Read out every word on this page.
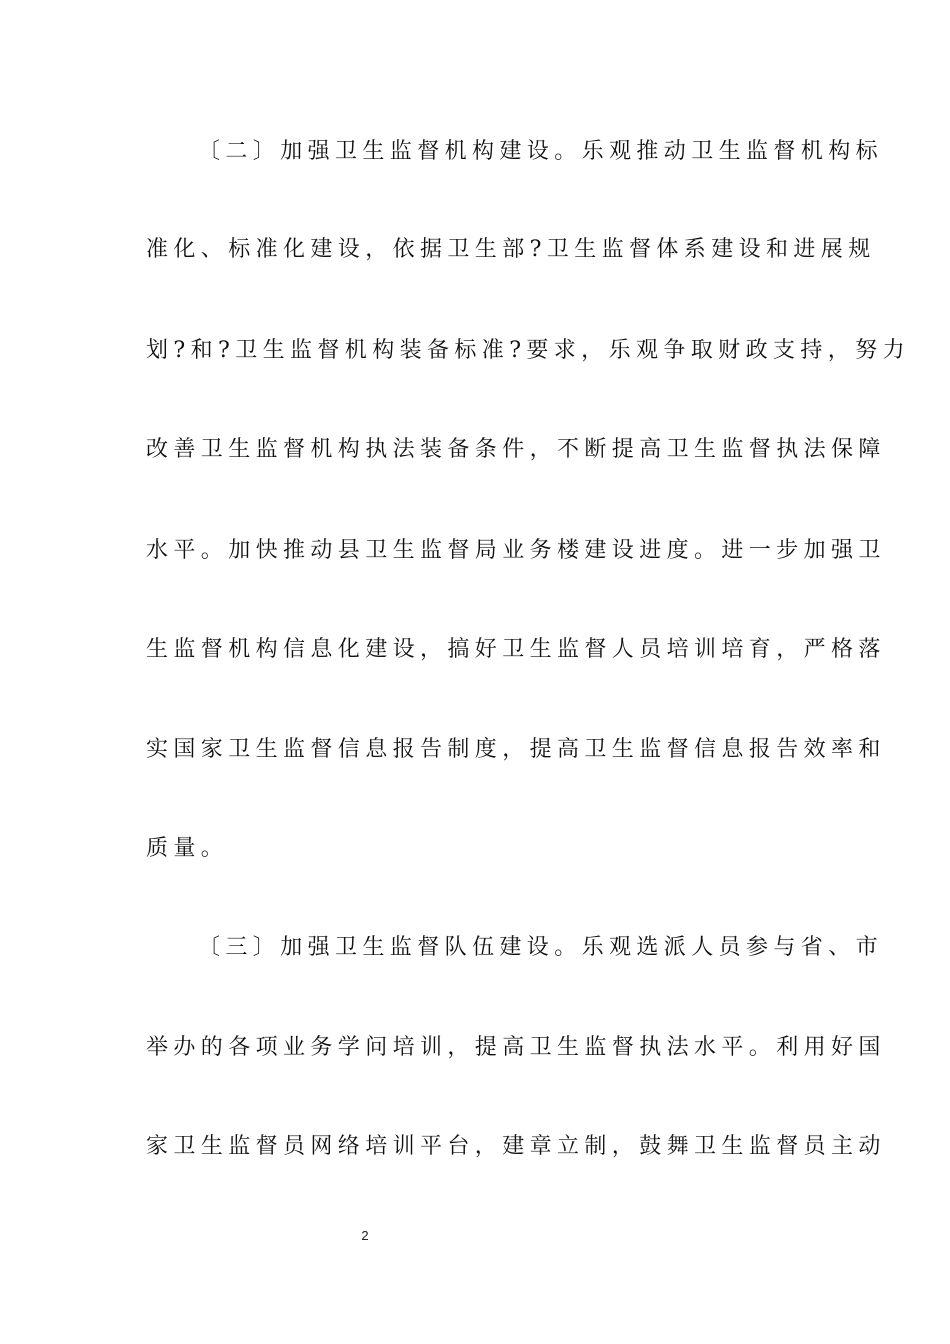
〔二〕加强卫生监督机构建设。乐观推动卫生监督机构标
准化、标准化建设，依据卫生部?卫生监督体系建设和进展规
划?和?卫生监督机构装备标准?要求，乐观争取财政支持，努力
改善卫生监督机构执法装备条件，不断提高卫生监督执法保障
水平。加快推动县卫生监督局业务楼建设进度。进一步加强卫
生监督机构信息化建设，搞好卫生监督人员培训培育，严格落
实国家卫生监督信息报告制度，提高卫生监督信息报告效率和
质量。
〔三〕加强卫生监督队伍建设。乐观选派人员参与省、市
举办的各项业务学问培训，提高卫生监督执法水平。利用好国
家卫生监督员网络培训平台，建章立制，鼓舞卫生监督员主动
2
